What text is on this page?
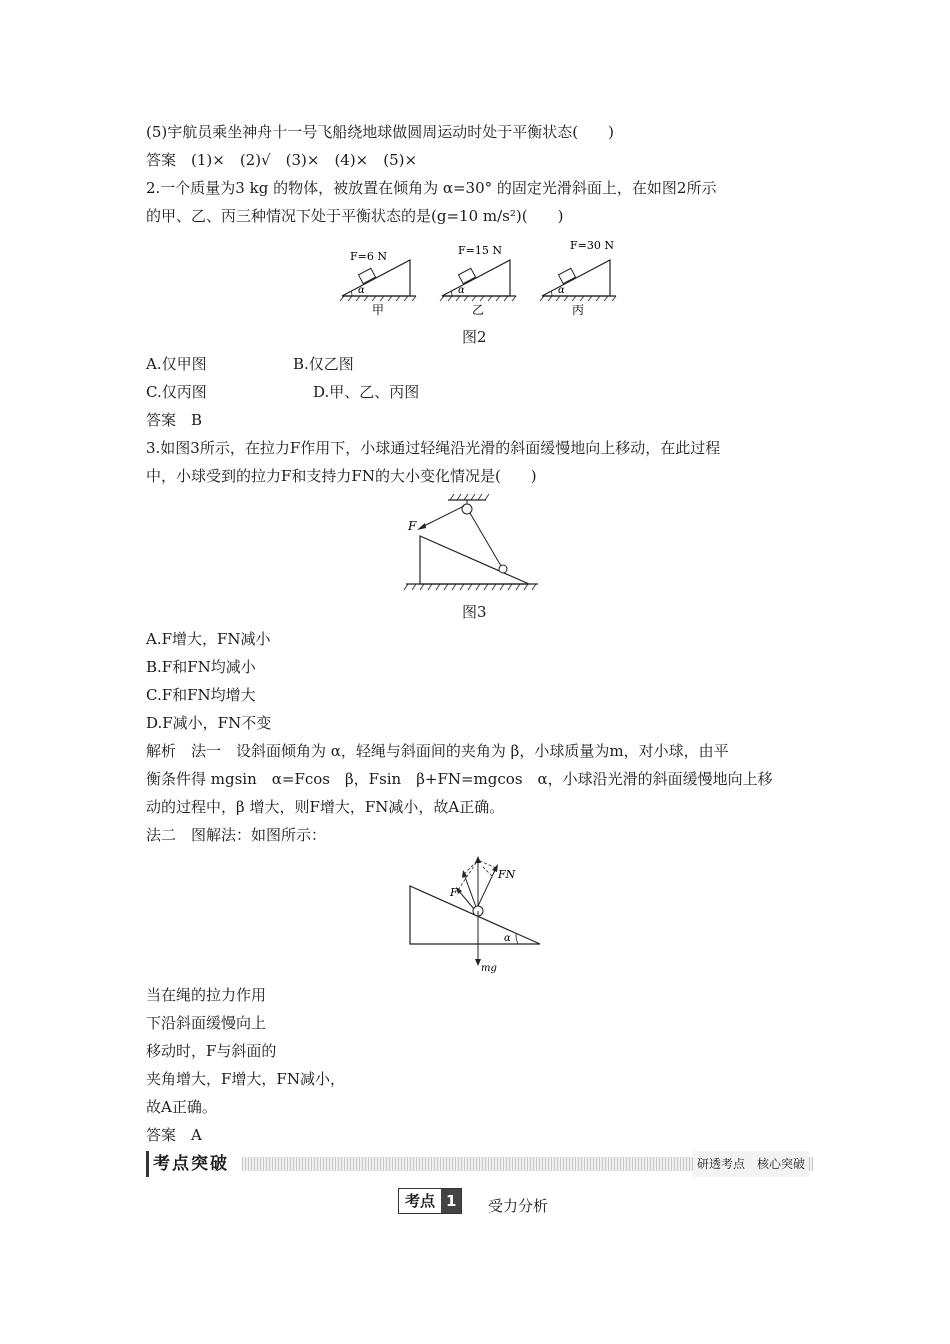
(5)宇航员乘坐神舟十一号飞船绕地球做圆周运动时处于平衡状态(　　)
答案　(1)×　(2)√　(3)×　(4)×　(5)×
2.一个质量为3 kg 的物体，被放置在倾角为 α=30° 的固定光滑斜面上，在如图2所示
的甲、乙、丙三种情况下处于平衡状态的是(g=10 m/s²)(　　)
α
F=6 N
甲
α
F=15 N
乙
α
F=30 N
丙
图2
A.仅甲图	B.仅乙图
C.仅丙图	D.甲、乙、丙图
答案　B
3.如图3所示，在拉力F作用下，小球通过轻绳沿光滑的斜面缓慢地向上移动，在此过程
中，小球受到的拉力F和支持力FN的大小变化情况是(　　)
F
图3
A.F增大，FN减小
B.F和FN均减小
C.F和FN均增大
D.F减小，FN不变
解析　法一　设斜面倾角为 α，轻绳与斜面间的夹角为 β，小球质量为m，对小球，由平
衡条件得 mgsin　α=Fcos　β，Fsin　β+FN=mgcos　α，小球沿光滑的斜面缓慢地向上移
动的过程中，β 增大，则F增大，FN减小，故A正确。
法二　图解法：如图所示：
FN
F
α
mg
当在绳的拉力作用
下沿斜面缓慢向上
移动时，F与斜面的
夹角增大，F增大，FN减小，
故A正确。
答案　A
考点突破	研透考点　核心突破
考点 1	受力分析
